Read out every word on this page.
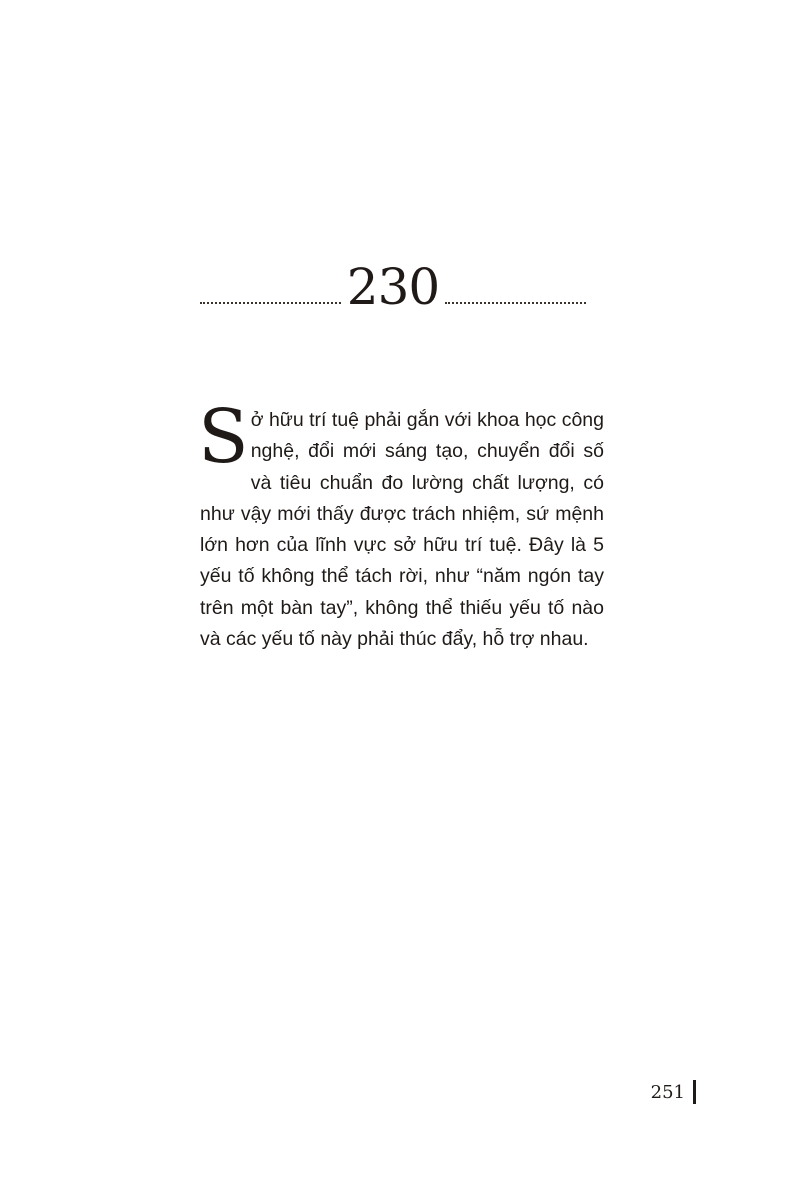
230
Sở hữu trí tuệ phải gắn với khoa học công nghệ, đổi mới sáng tạo, chuyển đổi số và tiêu chuẩn đo lường chất lượng, có như vậy mới thấy được trách nhiệm, sứ mệnh lớn hơn của lĩnh vực sở hữu trí tuệ. Đây là 5 yếu tố không thể tách rời, như “năm ngón tay trên một bàn tay”, không thể thiếu yếu tố nào và các yếu tố này phải thúc đẩy, hỗ trợ nhau.
251
